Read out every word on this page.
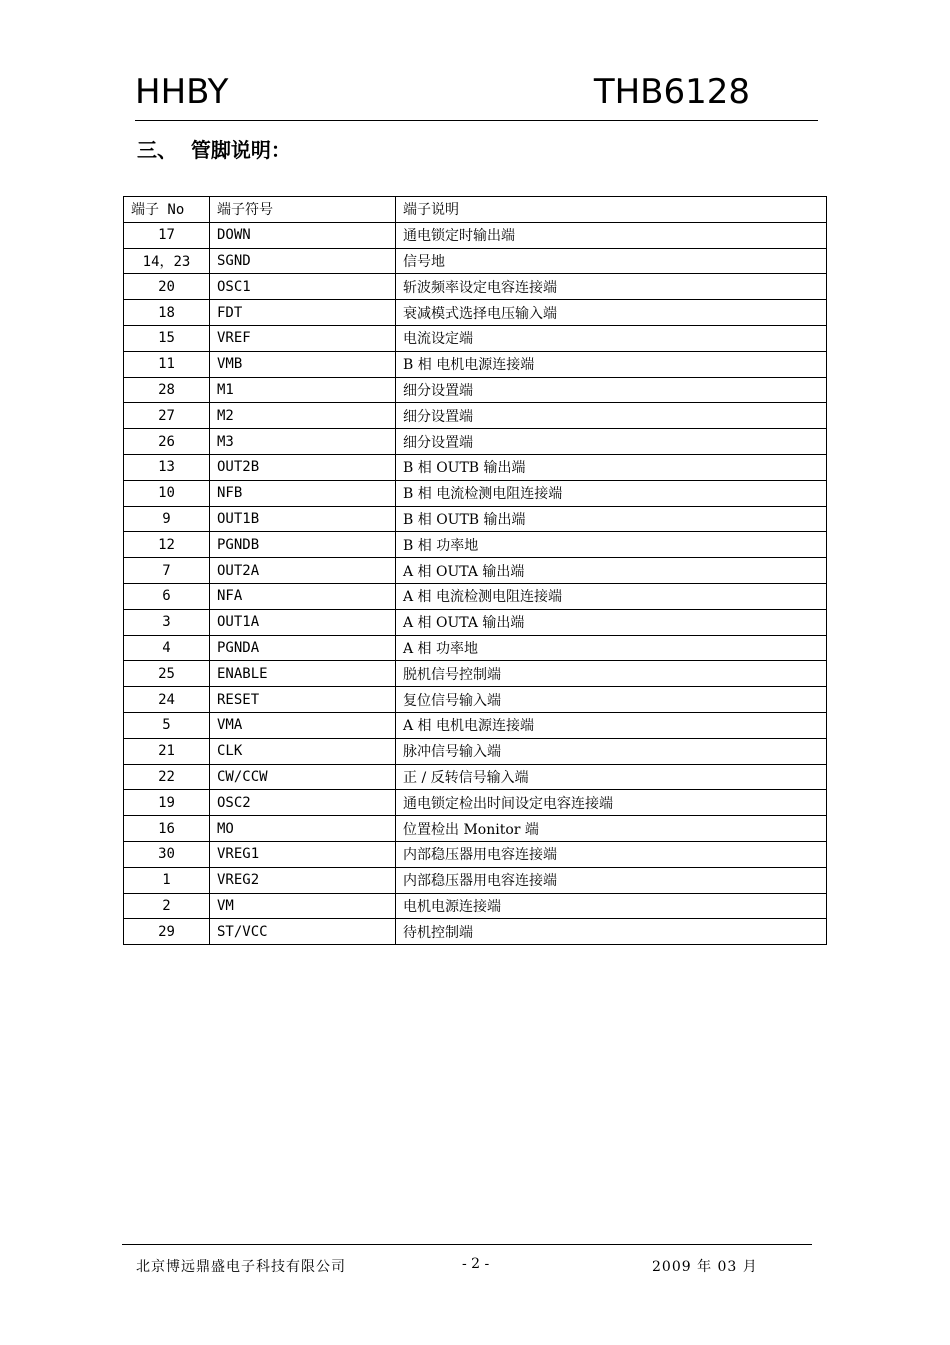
HHBY	THB6128
三、  管脚说明：
端子 No	端子符号	端子说明
17	DOWN	通电锁定时输出端
14，23	SGND	信号地
20	OSC1	斩波频率设定电容连接端
18	FDT	衰减模式选择电压输入端
15	VREF	电流设定端
11	VMB	B 相 电机电源连接端
28	M1	细分设置端
27	M2	细分设置端
26	M3	细分设置端
13	OUT2B	B 相 OUTB 输出端
10	NFB	B 相 电流检测电阻连接端
9	OUT1B	B 相 OUTB 输出端
12	PGNDB	B 相 功率地
7	OUT2A	A 相 OUTA 输出端
6	NFA	A 相 电流检测电阻连接端
3	OUT1A	A 相 OUTA 输出端
4	PGNDA	A 相 功率地
25	ENABLE	脱机信号控制端
24	RESET	复位信号输入端
5	VMA	A 相 电机电源连接端
21	CLK	脉冲信号输入端
22	CW/CCW	正 / 反转信号输入端
19	OSC2	通电锁定检出时间设定电容连接端
16	MO	位置检出 Monitor 端
30	VREG1	内部稳压器用电容连接端
1	VREG2	内部稳压器用电容连接端
2	VM	电机电源连接端
29	ST/VCC	待机控制端
北京博远鼎盛电子科技有限公司	- 2 -	2009 年 03 月
